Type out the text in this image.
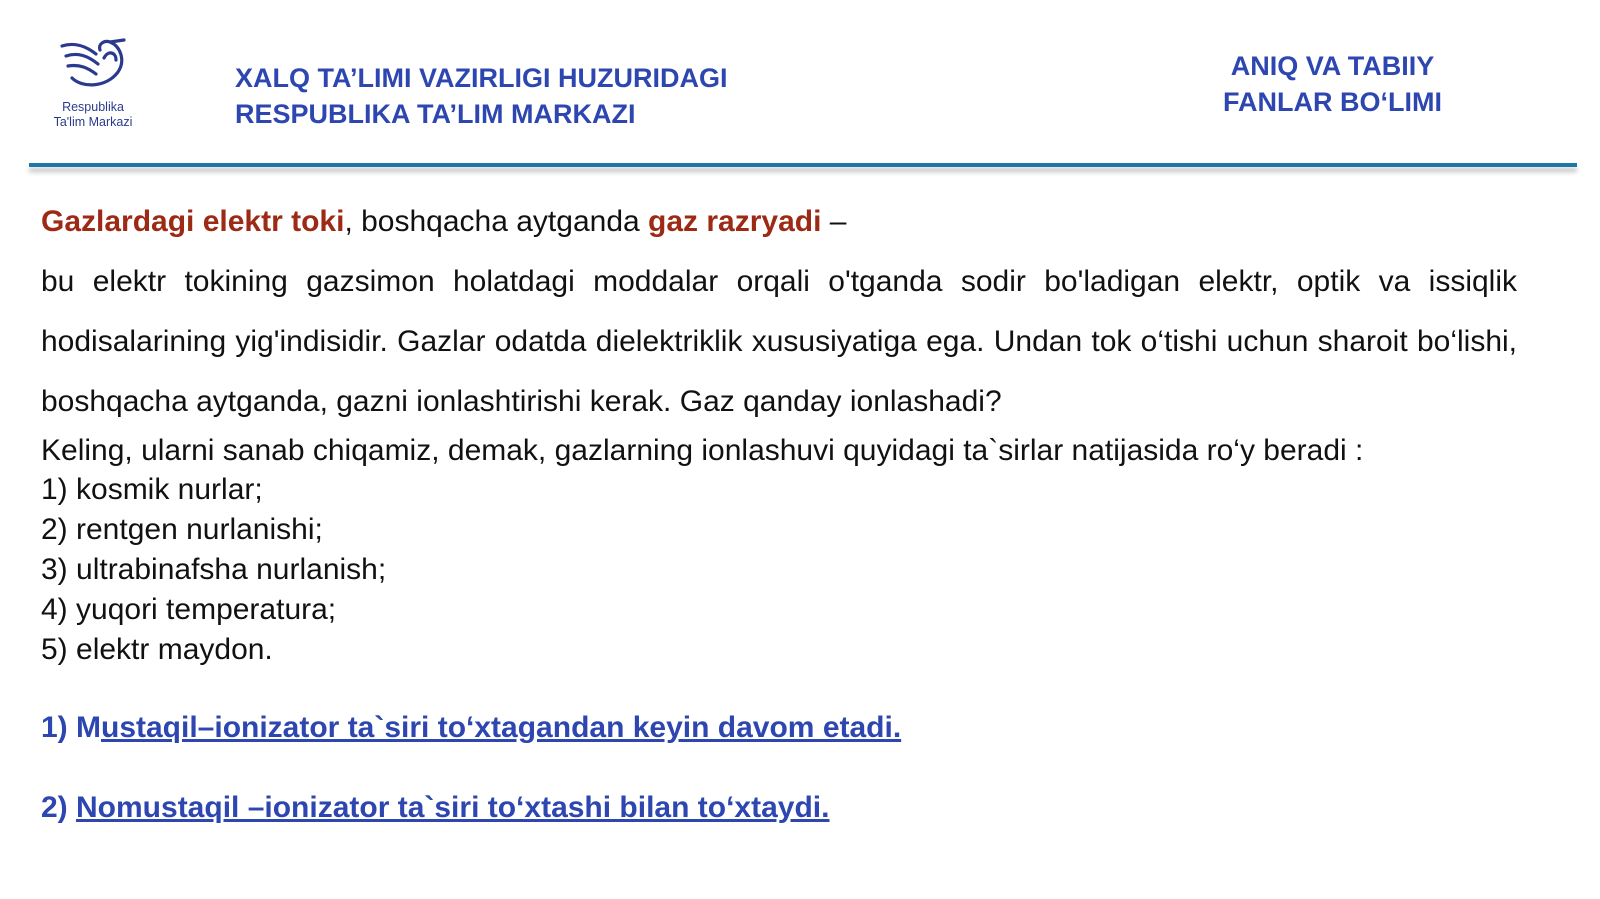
Respublika
Ta'lim Markazi
XALQ TA’LIMI VAZIRLIGI HUZURIDAGI
RESPUBLIKA TA’LIM MARKAZI
ANIQ VA TABIIY
FANLAR BO‘LIMI
Gazlardagi elektr toki, boshqacha aytganda gaz razryadi –

bu elektr tokining gazsimon holatdagi moddalar orqali o'tganda sodir bo'ladigan elektr, optik va issiqlik hodisalarining yig'indisidir. Gazlar odatda dielektriklik xususiyatiga ega. Undan tok o‘tishi uchun sharoit bo‘lishi, boshqacha aytganda, gazni ionlashtirishi kerak. Gaz qanday ionlashadi?

Keling, ularni sanab chiqamiz, demak, gazlarning ionlashuvi quyidagi ta`sirlar natijasida ro‘y beradi :

1) kosmik nurlar;
2) rentgen nurlanishi;
3) ultrabinafsha nurlanish;
4) yuqori temperatura;
5) elektr maydon.
1) Mustaqil–ionizator ta`siri to‘xtagandan keyin davom etadi.
2) Nomustaqil –ionizator ta`siri to‘xtashi bilan to‘xtaydi.
